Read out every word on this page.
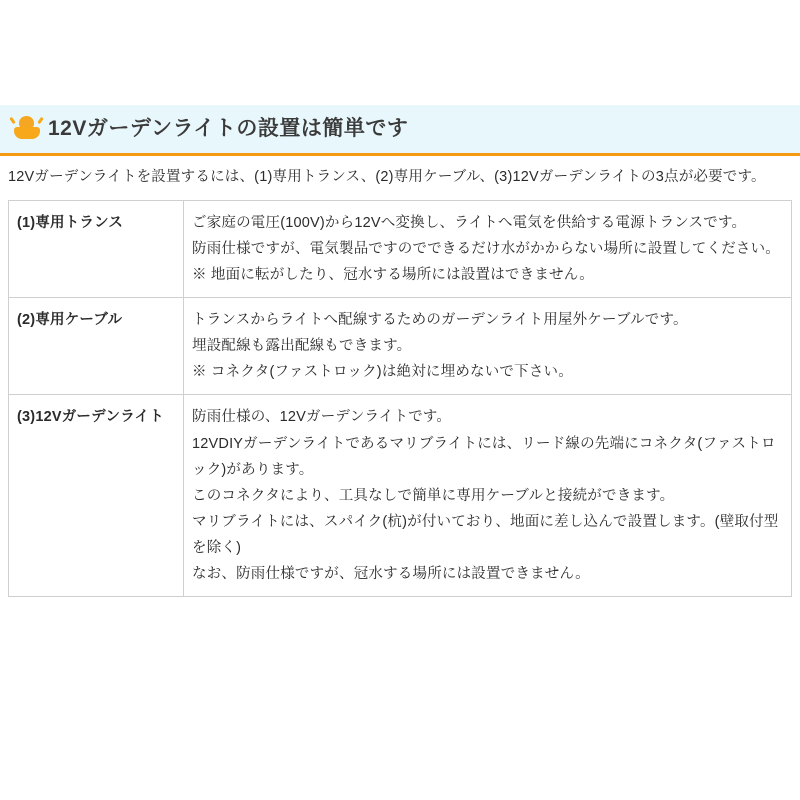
12Vガーデンライトの設置は簡単です
12Vガーデンライトを設置するには、(1)専用トランス、(2)専用ケーブル、(3)12Vガーデンライトの3点が必要です。
(1)専用トランス	ご家庭の電圧(100V)から12Vへ変換し、ライトへ電気を供給する電源トランスです。

防雨仕様ですが、電気製品ですのでできるだけ水がかからない場所に設置してください。

※ 地面に転がしたり、冠水する場所には設置はできません。

(2)専用ケーブル	トランスからライトへ配線するためのガーデンライト用屋外ケーブルです。

埋設配線も露出配線もできます。

※ コネクタ(ファストロック)は絶対に埋めないで下さい。

(3)12Vガーデンライト	防雨仕様の、12Vガーデンライトです。

12VDIYガーデンライトであるマリブライトには、リード線の先端にコネクタ(ファストロック)があります。

このコネクタにより、工具なしで簡単に専用ケーブルと接続ができます。

マリブライトには、スパイク(杭)が付いており、地面に差し込んで設置します。(壁取付型を除く)

なお、防雨仕様ですが、冠水する場所には設置できません。
